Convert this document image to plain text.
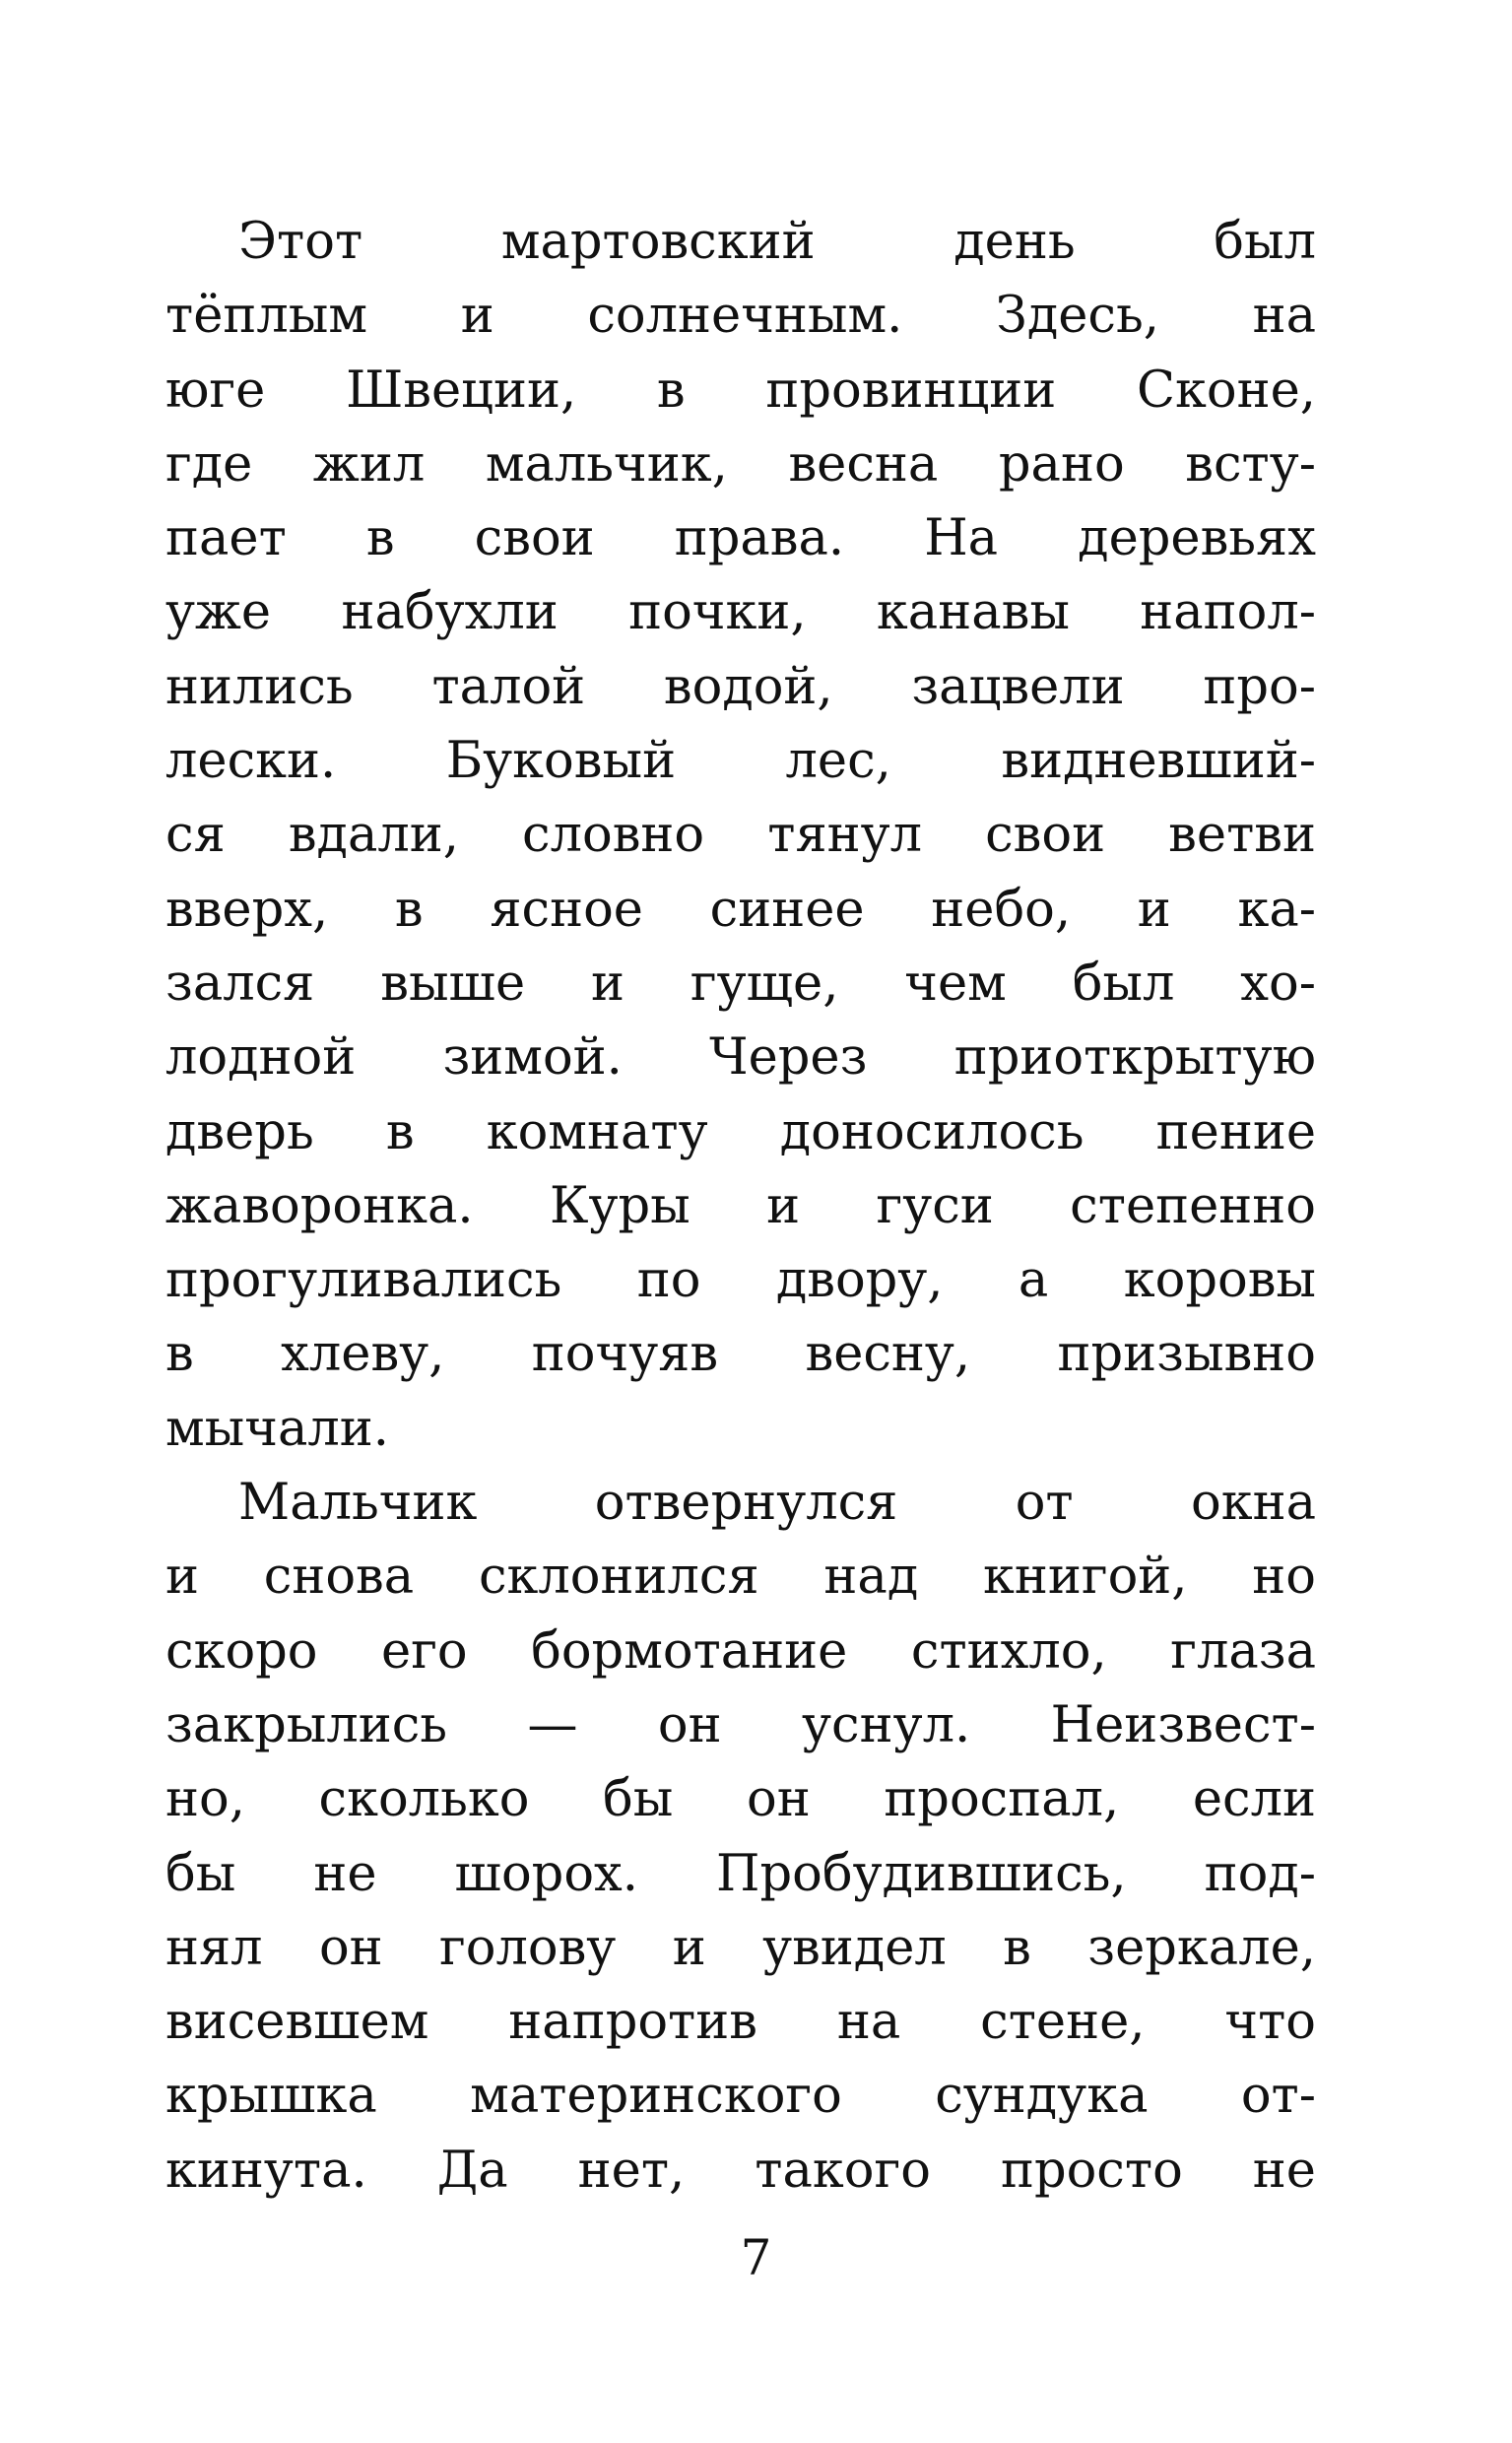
Этот мартовский день был
тёплым и солнечным. Здесь, на
юге Швеции, в провинции Сконе,
где жил мальчик, весна рано всту-
пает в свои права. На деревьях
уже набухли почки, канавы напол-
нились талой водой, зацвели про-
лески. Буковый лес, видневший-
ся вдали, словно тянул свои ветви
вверх, в ясное синее небо, и ка-
зался выше и гуще, чем был хо-
лодной зимой. Через приоткрытую
дверь в комнату доносилось пение
жаворонка. Куры и гуси степенно
прогуливались по двору, а коровы
в хлеву, почуяв весну, призывно
мычали.
Мальчик отвернулся от окна
и снова склонился над книгой, но
скоро его бормотание стихло, глаза
закрылись — он уснул. Неизвест-
но, сколько бы он проспал, если
бы не шорох. Пробудившись, под-
нял он голову и увидел в зеркале,
висевшем напротив на стене, что
крышка материнского сундука от-
кинута. Да нет, такого просто не
7
